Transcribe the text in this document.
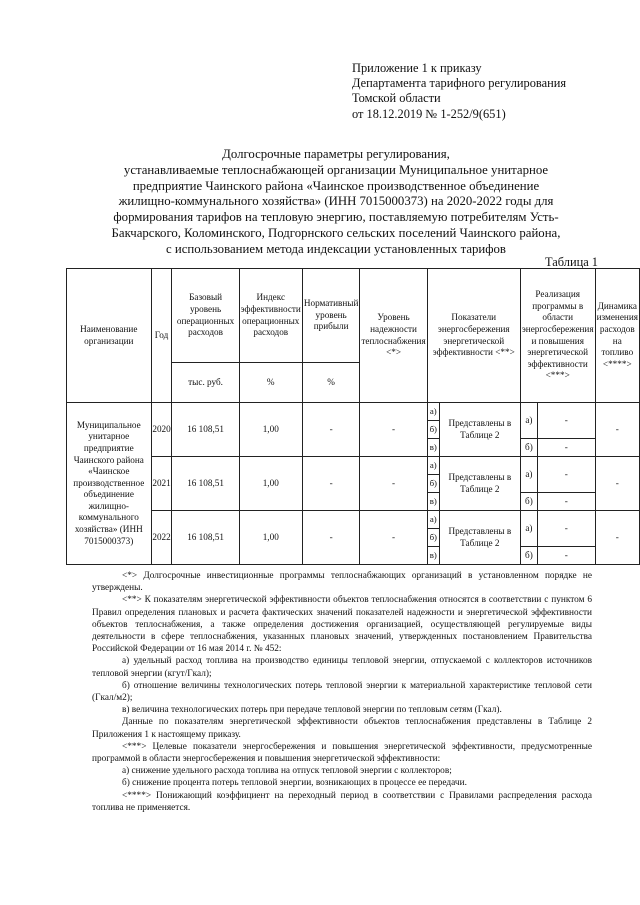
Приложение 1 к приказу
Департамента тарифного регулирования
Томской области
от 18.12.2019 № 1-252/9(651)
Долгосрочные параметры регулирования,
устанавливаемые теплоснабжающей организации Муниципальное унитарное
предприятие Чаинского района «Чаинское производственное объединение
жилищно-коммунального хозяйства» (ИНН 7015000373) на 2020-2022 годы для
формирования тарифов на тепловую энергию, поставляемую потребителям Усть-
Бакчарского, Коломинского, Подгорнского сельских поселений Чаинского района,
с использованием метода индексации установленных тарифов
Таблица 1
Наименование организации	Год	Базовый уровень операционных расходов	Индекс эффективности операционных расходов	Нормативный уровень прибыли	Уровень надежности теплоснабжения <*>	Показатели энергосбережения энергетической эффективности <**>		Реализация программы в области энергосбережения и повышения энергетической эффективности <***>		Динамика изменения расходов на топливо <****>

		тыс. руб.	%	%						

Муниципальное унитарное предприятие Чаинского района «Чаинское производственное объединение жилищно-коммунального хозяйства» (ИНН 7015000373)	2020	16 108,51	1,00	-	-	а)	Представлены в Таблице 2	а)	-	-
						б)				
						в)		б)	-	
	2021	16 108,51	1,00	-	-	а)	Представлены в Таблице 2	а)	-	-
						б)				
						в)		б)	-	
	2022	16 108,51	1,00	-	-	а)	Представлены в Таблице 2	а)	-	-
						б)				
						в)		б)	-	

<*> Долгосрочные инвестиционные программы теплоснабжающих организаций в установленном порядке не утверждены.

<**> К показателям энергетической эффективности объектов теплоснабжения относятся в соответствии с пунктом 6 Правил определения плановых и расчета фактических значений показателей надежности и энергетической эффективности объектов теплоснабжения, а также определения достижения организацией, осуществляющей регулируемые виды деятельности в сфере теплоснабжения, указанных плановых значений, утвержденных постановлением Правительства Российской Федерации от 16 мая 2014 г. № 452:

а) удельный расход топлива на производство единицы тепловой энергии, отпускаемой с коллекторов источников тепловой энергии (кгут/Гкал);

б) отношение величины технологических потерь тепловой энергии к материальной характеристике тепловой сети (Гкал/м2);

в) величина технологических потерь при передаче тепловой энергии по тепловым сетям (Гкал).

Данные по показателям энергетической эффективности объектов теплоснабжения представлены в Таблице 2 Приложения 1 к настоящему приказу.

<***> Целевые показатели энергосбережения и повышения энергетической эффективности, предусмотренные программой в области энергосбережения и повышения энергетической эффективности:

а) снижение удельного расхода топлива на отпуск тепловой энергии с коллекторов;

б) снижение процента потерь тепловой энергии, возникающих в процессе ее передачи.

<****> Понижающий коэффициент на переходный период в соответствии с Правилами распределения расхода топлива не применяется.
